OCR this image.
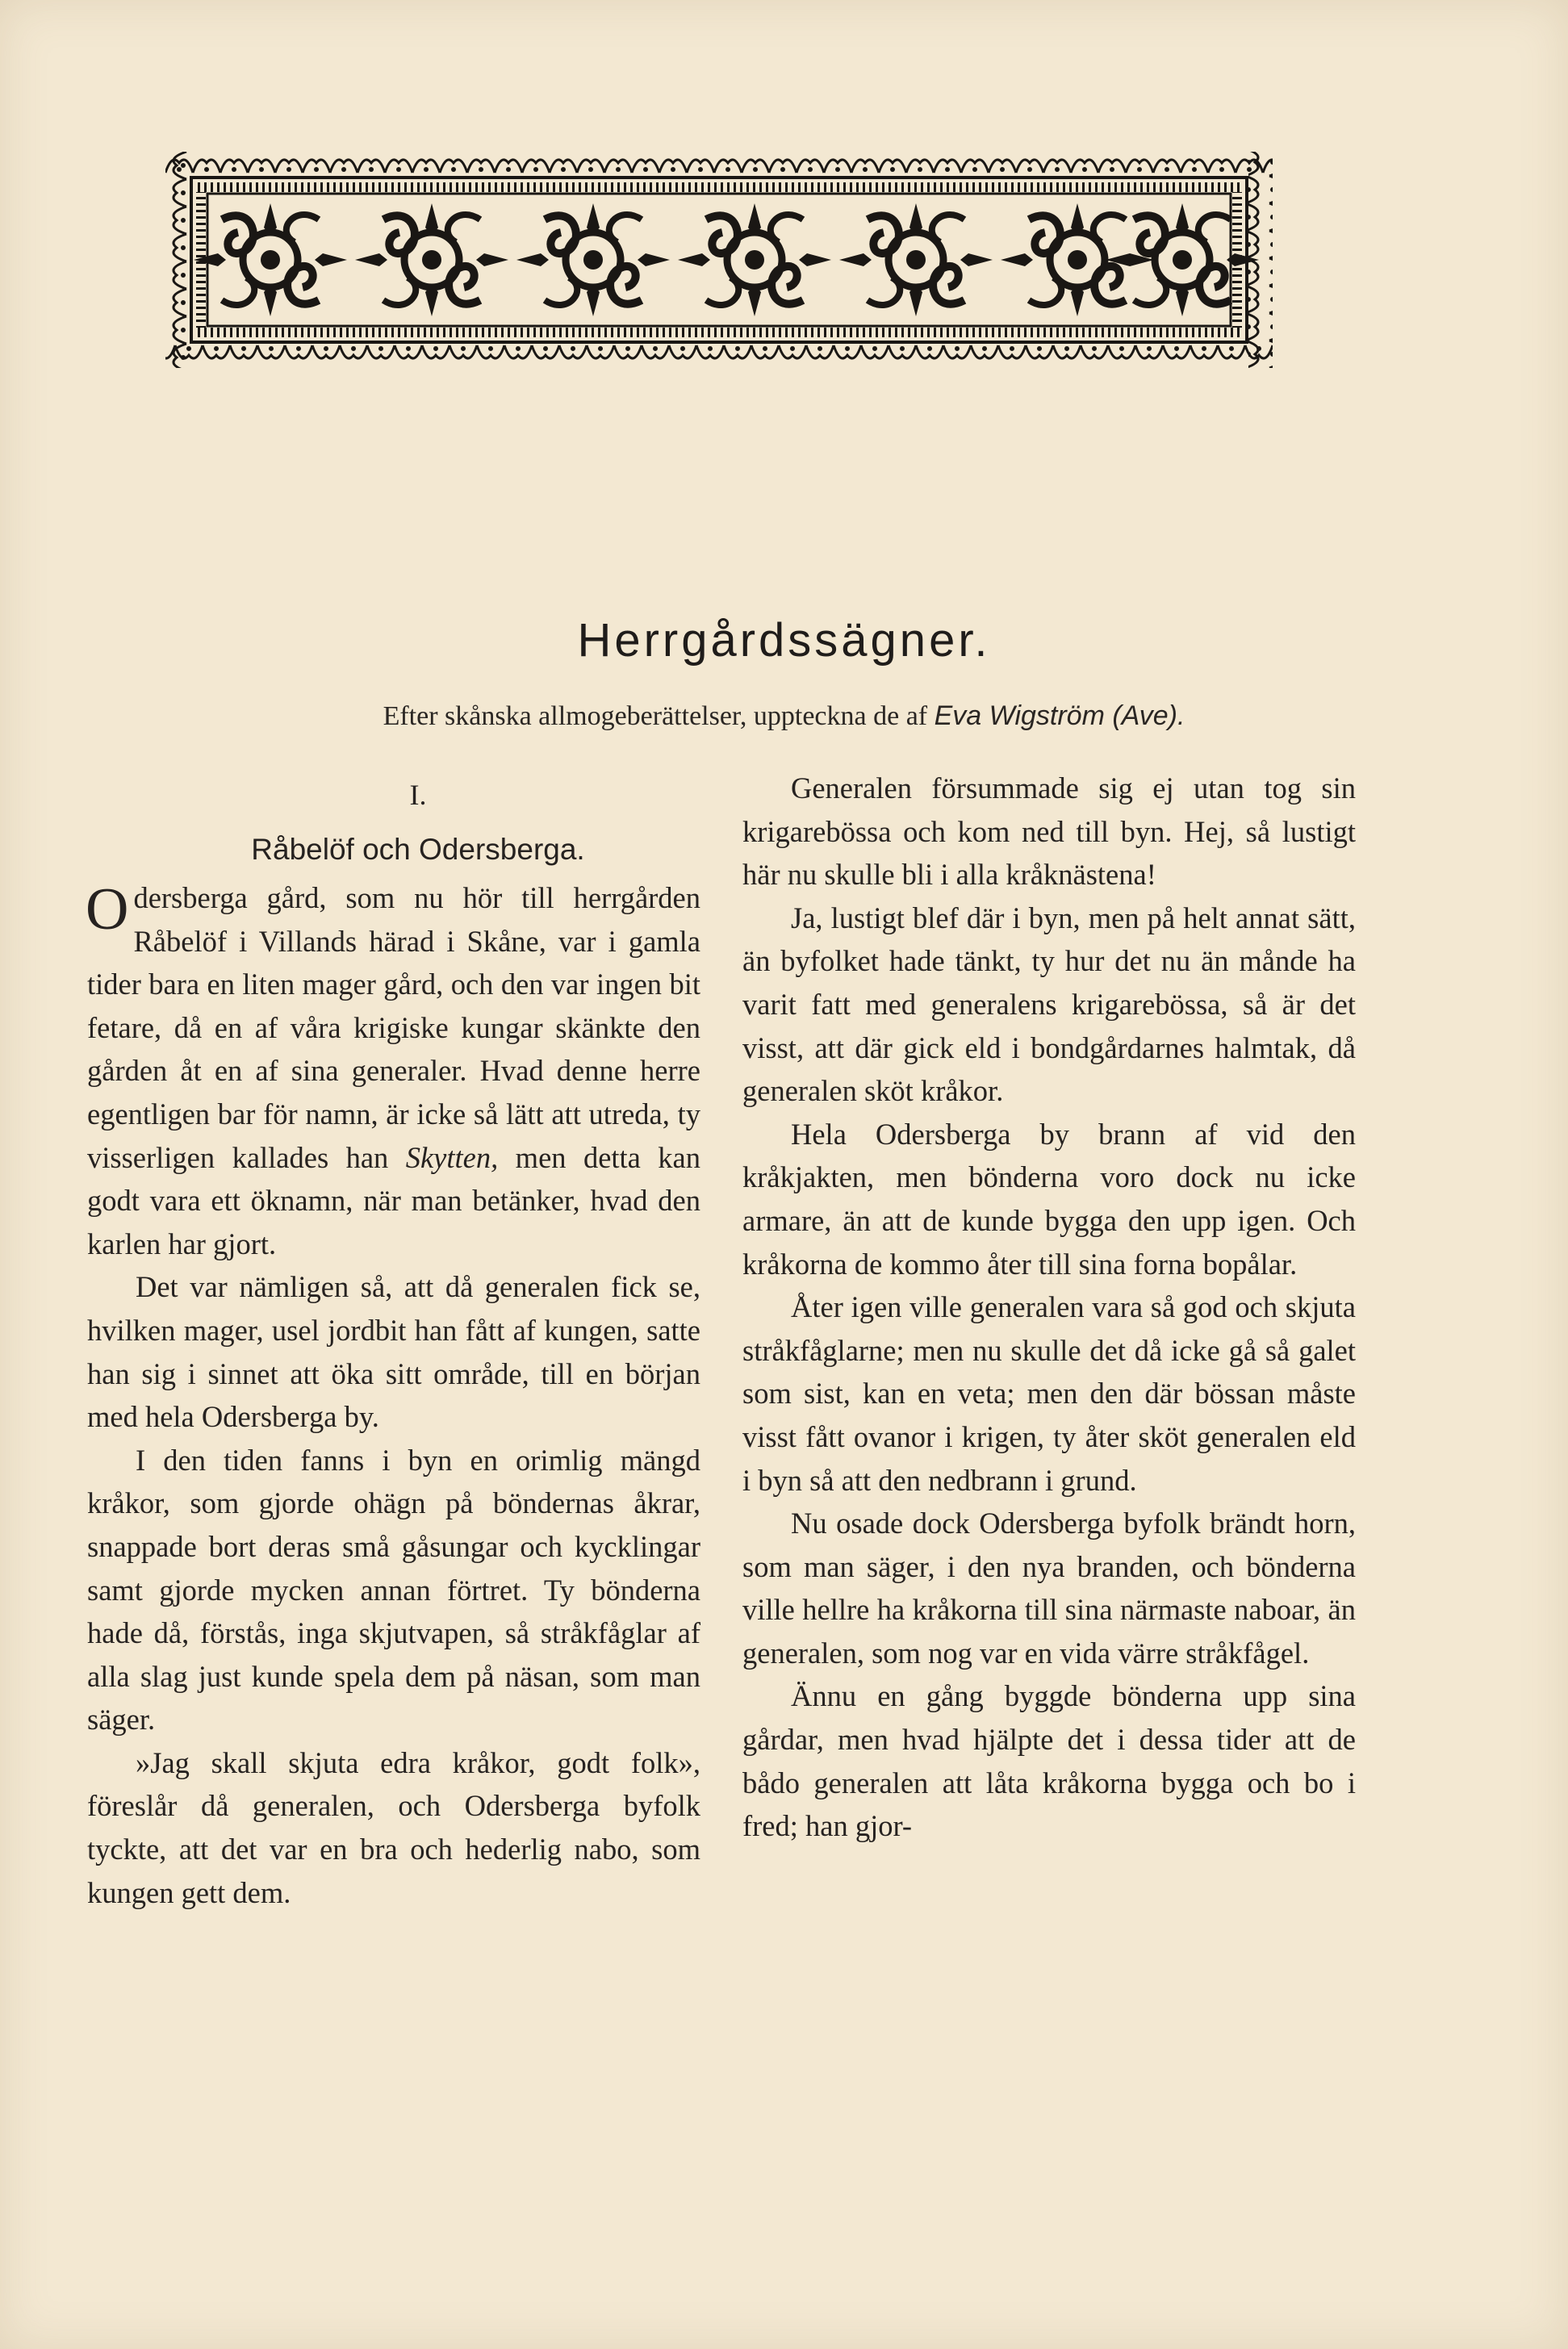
Herrgårdssägner.
Efter skånska allmogeberättelser, uppteckna de af Eva Wigström (Ave).

I.

Råbelöf och Odersberga.

Odersberga gård, som nu hör till herrgården Råbelöf i Villands härad i Skåne, var i gamla tider bara en liten mager gård, och den var ingen bit fetare, då en af våra krigiske kungar skänkte den gården åt en af sina generaler. Hvad denne herre egentligen bar för namn, är icke så lätt att utreda, ty visserligen kallades han Skytten, men detta kan godt vara ett öknamn, när man betänker, hvad den karlen har gjort.

Det var nämligen så, att då generalen fick se, hvilken mager, usel jordbit han fått af kungen, satte han sig i sinnet att öka sitt område, till en början med hela Odersberga by.

I den tiden fanns i byn en orimlig mängd kråkor, som gjorde ohägn på böndernas åkrar, snappade bort deras små gåsungar och kycklingar samt gjorde mycken annan förtret. Ty bönderna hade då, förstås, inga skjutvapen, så stråkfåglar af alla slag just kunde spela dem på näsan, som man säger.

»Jag skall skjuta edra kråkor, godt folk», föreslår då generalen, och Odersberga byfolk tyckte, att det var en bra och hederlig nabo, som kungen gett dem.

Generalen försummade sig ej utan tog sin krigarebössa och kom ned till byn. Hej, så lustigt här nu skulle bli i alla kråknästena!

Ja, lustigt blef där i byn, men på helt annat sätt, än byfolket hade tänkt, ty hur det nu än månde ha varit fatt med generalens krigarebössa, så är det visst, att där gick eld i bondgårdarnes halmtak, då generalen sköt kråkor.

Hela Odersberga by brann af vid den kråkjakten, men bönderna voro dock nu icke armare, än att de kunde bygga den upp igen. Och kråkorna de kommo åter till sina forna bopålar.

Åter igen ville generalen vara så god och skjuta stråkfåglarne; men nu skulle det då icke gå så galet som sist, kan en veta; men den där bössan måste visst fått ovanor i krigen, ty åter sköt generalen eld i byn så att den nedbrann i grund.

Nu osade dock Odersberga byfolk brändt horn, som man säger, i den nya branden, och bönderna ville hellre ha kråkorna till sina närmaste naboar, än generalen, som nog var en vida värre stråkfågel.

Ännu en gång byggde bönderna upp sina gårdar, men hvad hjälpte det i dessa tider att de bådo generalen att låta kråkorna bygga och bo i fred; han gjor-
